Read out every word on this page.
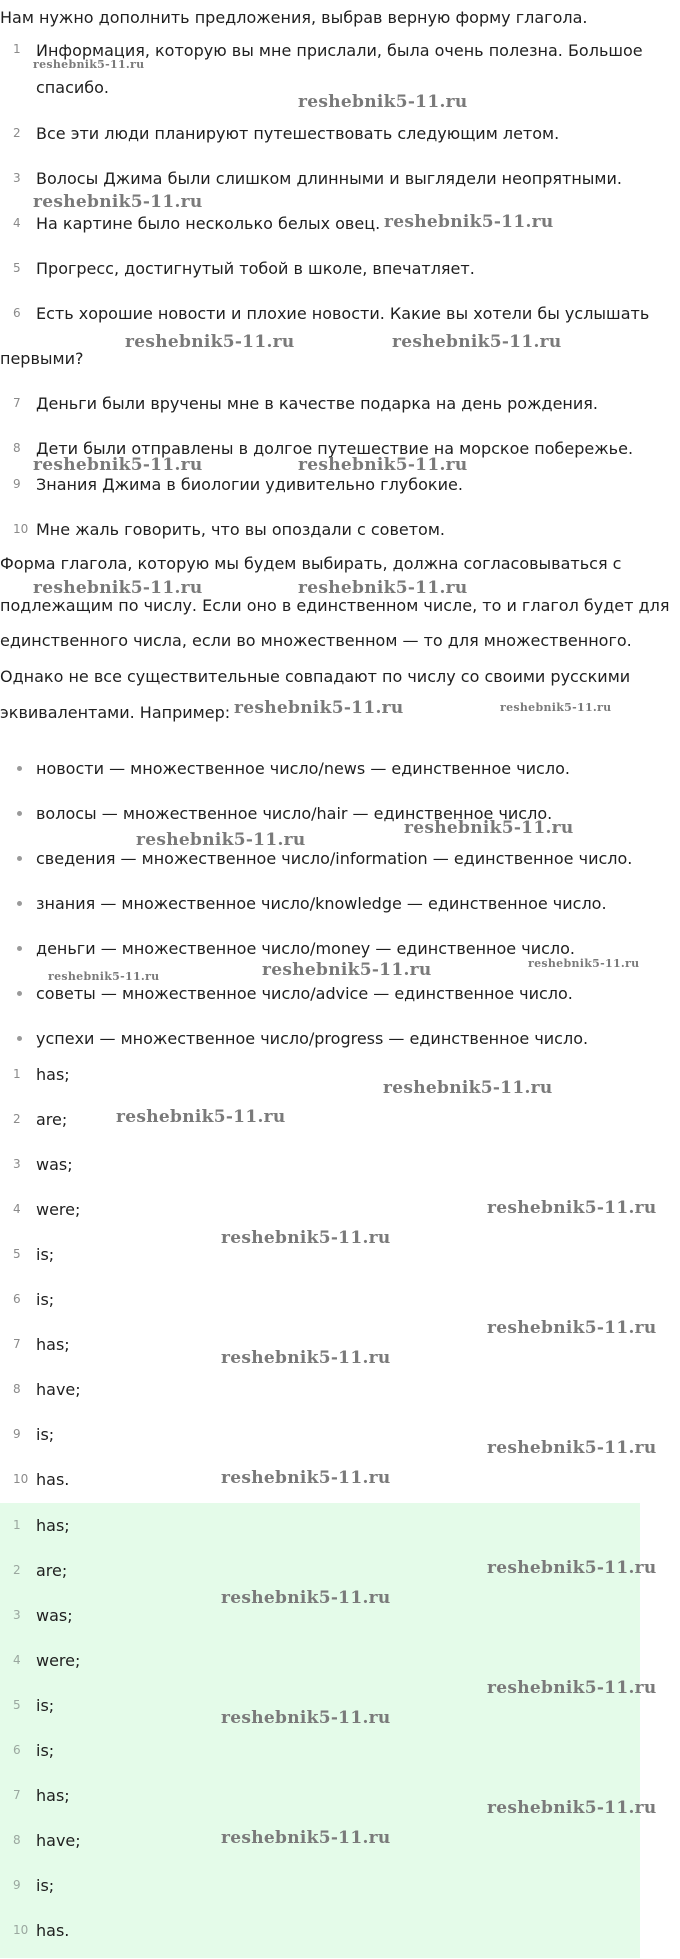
Нам нужно дополнить предложения, выбрав верную форму глагола.
1 Информация, которую вы мне прислали, была очень полезна. Большое
спасибо.
2 Все эти люди планируют путешествовать следующим летом.
3 Волосы Джима были слишком длинными и выглядели неопрятными.
4 На картине было несколько белых овец.
5 Прогресс, достигнутый тобой в школе, впечатляет.
6 Есть хорошие новости и плохие новости. Какие вы хотели бы услышать
первыми?
7 Деньги были вручены мне в качестве подарка на день рождения.
8 Дети были отправлены в долгое путешествие на морское побережье.
9 Знания Джима в биологии удивительно глубокие.
10 Мне жаль говорить, что вы опоздали с советом.
Форма глагола, которую мы будем выбирать, должна согласовываться с
подлежащим по числу. Если оно в единственном числе, то и глагол будет для
единственного числа, если во множественном — то для множественного.
Однако не все существительные совпадают по числу со своими русскими
эквивалентами. Например:
новости — множественное число/news — единственное число.
волосы — множественное число/hair — единственное число.
сведения — множественное число/information — единственное число.
знания — множественное число/knowledge — единственное число.
деньги — множественное число/money — единственное число.
советы — множественное число/advice — единственное число.
успехи — множественное число/progress — единственное число.
1 has;
2 are;
3 was;
4 were;
5 is;
6 is;
7 has;
8 have;
9 is;
10 has.
1 has;
2 are;
3 was;
4 were;
5 is;
6 is;
7 has;
8 have;
9 is;
10 has.
reshebnik5-11.ru
reshebnik5-11.ru
reshebnik5-11.ru
reshebnik5-11.ru
reshebnik5-11.ru	reshebnik5-11.ru
reshebnik5-11.ru	reshebnik5-11.ru
reshebnik5-11.ru	reshebnik5-11.ru
reshebnik5-11.ru	reshebnik5-11.ru
reshebnik5-11.ru
reshebnik5-11.ru
reshebnik5-11.ru	reshebnik5-11.ru	reshebnik5-11.ru
reshebnik5-11.ru
reshebnik5-11.ru
reshebnik5-11.ru
reshebnik5-11.ru
reshebnik5-11.ru
reshebnik5-11.ru
reshebnik5-11.ru
reshebnik5-11.ru
reshebnik5-11.ru
reshebnik5-11.ru
reshebnik5-11.ru
reshebnik5-11.ru
reshebnik5-11.ru
reshebnik5-11.ru
